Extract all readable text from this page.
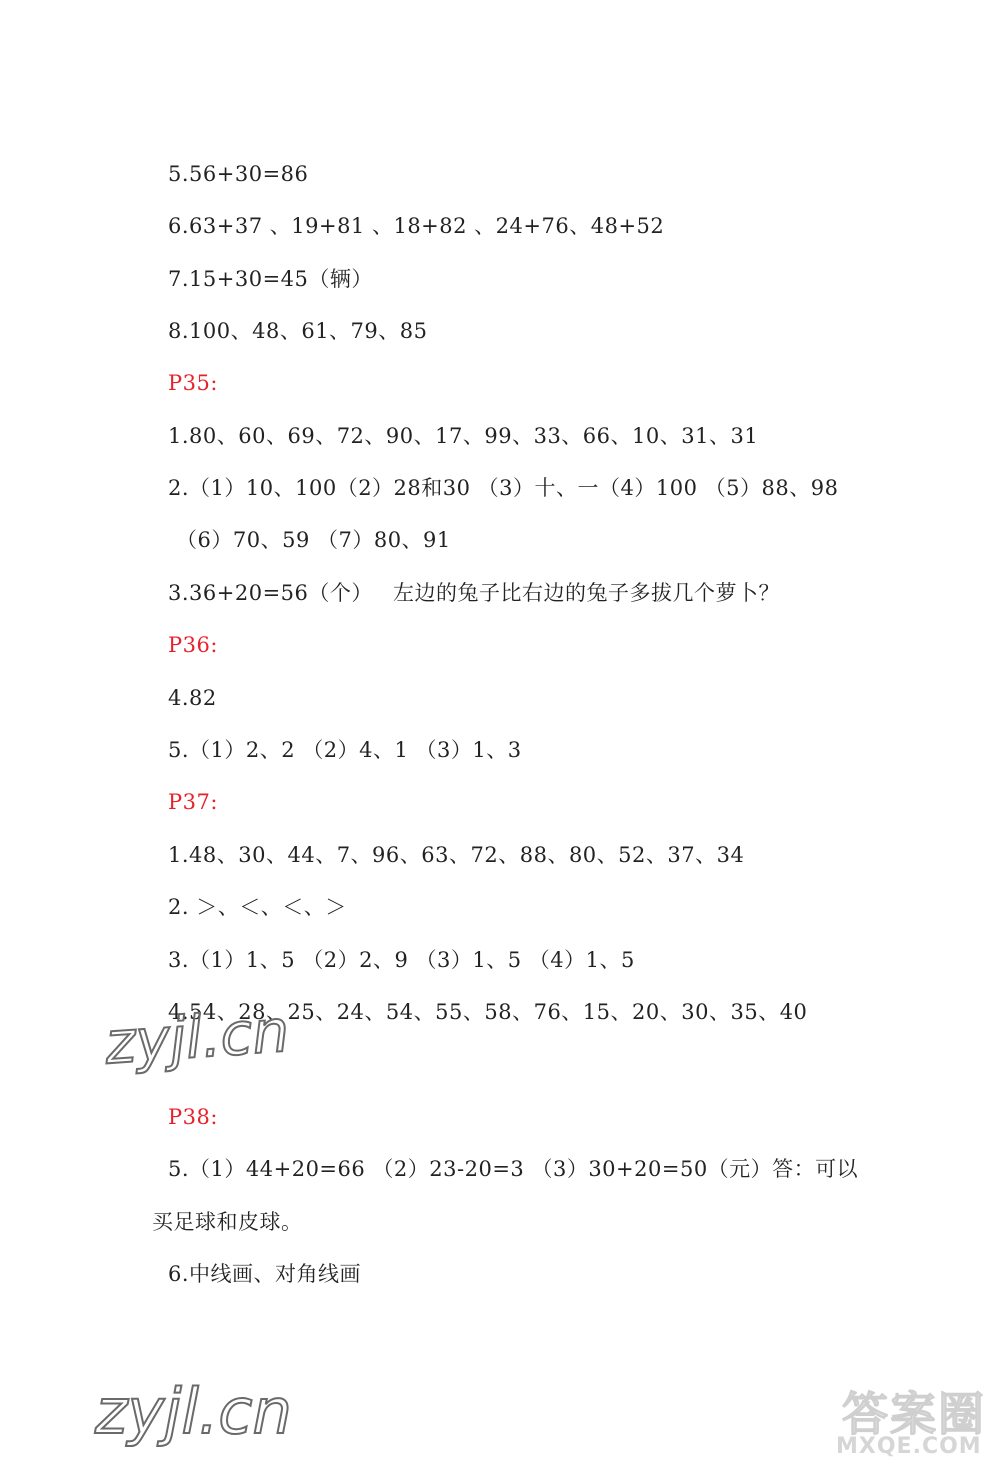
5.56+30=86
6.63+37 、19+81 、18+82 、24+76、48+52
7.15+30=45（辆）
8.100、48、61、79、85
P35:
1.80、60、69、72、90、17、99、33、66、10、31、31
2.（1）10、100（2）28和30 （3）十、一（4）100 （5）88、98
（6）70、59 （7）80、91
3.36+20=56（个） 左边的兔子比右边的兔子多拔几个萝卜？
P36:
4.82
5.（1）2、2 （2）4、1 （3）1、3
P37:
1.48、30、44、7、96、63、72、88、80、52、37、34
2. ＞、＜、＜、＞
3.（1）1、5 （2）2、9 （3）1、5 （4）1、5
4.54、28、25、24、54、55、58、76、15、20、30、35、40
P38:
5.（1）44+20=66 （2）23-20=3 （3）30+20=50（元）答：可以
买足球和皮球。
6.中线画、对角线画
zyjl.cn
zyjl.cn	答案圈
MXQE.COM
